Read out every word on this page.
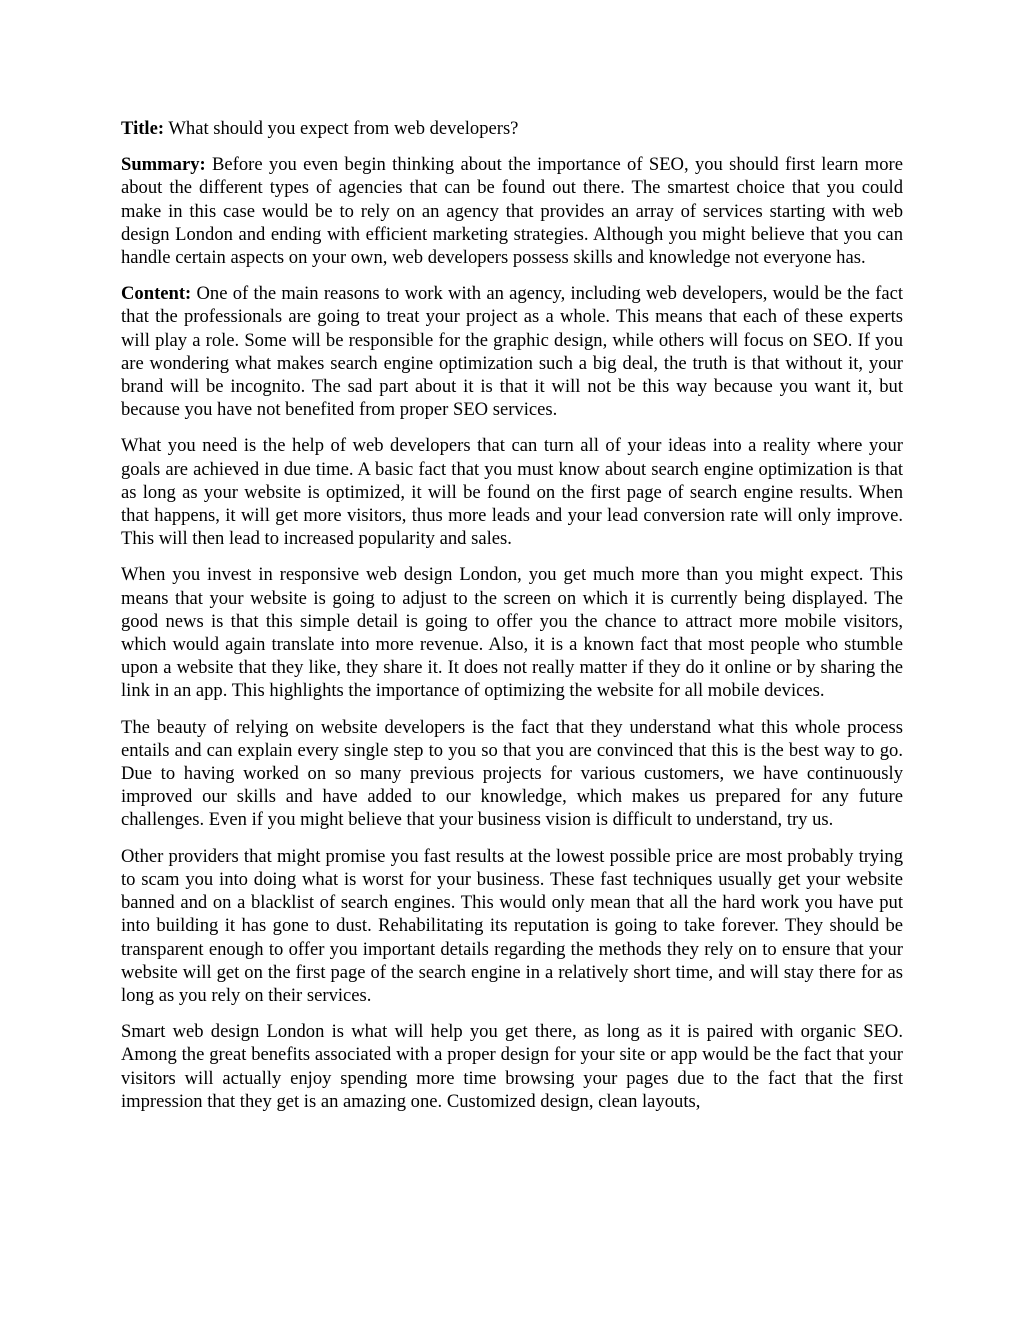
Title: What should you expect from web developers?

Summary: Before you even begin thinking about the importance of SEO, you should first learn more about the different types of agencies that can be found out there. The smartest choice that you could make in this case would be to rely on an agency that provides an array of services starting with web design London and ending with efficient marketing strategies. Although you might believe that you can handle certain aspects on your own, web developers possess skills and knowledge not everyone has.

Content: One of the main reasons to work with an agency, including web developers, would be the fact that the professionals are going to treat your project as a whole. This means that each of these experts will play a role. Some will be responsible for the graphic design, while others will focus on SEO. If you are wondering what makes search engine optimization such a big deal, the truth is that without it, your brand will be incognito. The sad part about it is that it will not be this way because you want it, but because you have not benefited from proper SEO services.

What you need is the help of web developers that can turn all of your ideas into a reality where your goals are achieved in due time. A basic fact that you must know about search engine optimization is that as long as your website is optimized, it will be found on the first page of search engine results. When that happens, it will get more visitors, thus more leads and your lead conversion rate will only improve. This will then lead to increased popularity and sales.

When you invest in responsive web design London, you get much more than you might expect. This means that your website is going to adjust to the screen on which it is currently being displayed. The good news is that this simple detail is going to offer you the chance to attract more mobile visitors, which would again translate into more revenue. Also, it is a known fact that most people who stumble upon a website that they like, they share it. It does not really matter if they do it online or by sharing the link in an app. This highlights the importance of optimizing the website for all mobile devices.

The beauty of relying on website developers is the fact that they understand what this whole process entails and can explain every single step to you so that you are convinced that this is the best way to go. Due to having worked on so many previous projects for various customers, we have continuously improved our skills and have added to our knowledge, which makes us prepared for any future challenges. Even if you might believe that your business vision is difficult to understand, try us.

Other providers that might promise you fast results at the lowest possible price are most probably trying to scam you into doing what is worst for your business. These fast techniques usually get your website banned and on a blacklist of search engines. This would only mean that all the hard work you have put into building it has gone to dust. Rehabilitating its reputation is going to take forever. They should be transparent enough to offer you important details regarding the methods they rely on to ensure that your website will get on the first page of the search engine in a relatively short time, and will stay there for as long as you rely on their services.

Smart web design London is what will help you get there, as long as it is paired with organic SEO. Among the great benefits associated with a proper design for your site or app would be the fact that your visitors will actually enjoy spending more time browsing your pages due to the fact that the first impression that they get is an amazing one. Customized design, clean layouts,
